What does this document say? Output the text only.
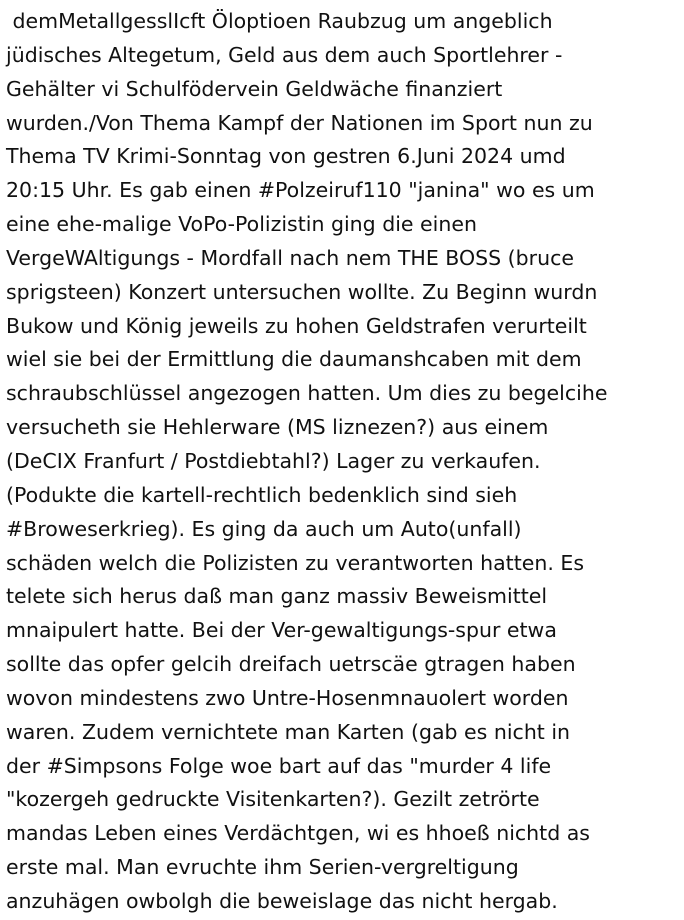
demMetallgesslIcft Öloptioen Raubzug um angeblich
jüdisches Altegetum, Geld aus dem auch Sportlehrer -
Gehälter vi Schulfödervein Geldwäche finanziert
wurden./Von Thema Kampf der Nationen im Sport nun zu
Thema TV Krimi-Sonntag von gestren 6.Juni 2024 umd
20:15 Uhr. Es gab einen #Polzeiruf110 "janina" wo es um
eine ehe-malige VoPo-Polizistin ging die einen
VergeWAltigungs - Mordfall nach nem THE BOSS (bruce
sprigsteen) Konzert untersuchen wollte. Zu Beginn wurdn
Bukow und König jeweils zu hohen Geldstrafen verurteilt
wiel sie bei der Ermittlung die daumanshcaben mit dem
schraubschlüssel angezogen hatten. Um dies zu begelcihe
versucheth sie Hehlerware (MS liznezen?) aus einem
(DeCIX Franfurt / Postdiebtahl?) Lager zu verkaufen.
(Podukte die kartell-rechtlich bedenklich sind sieh
#Broweserkrieg). Es ging da auch um Auto(unfall)
schäden welch die Polizisten zu verantworten hatten. Es
telete sich herus daß man ganz massiv Beweismittel
mnaipulert hatte. Bei der Ver-gewaltigungs-spur etwa
sollte das opfer gelcih dreifach uetrscäe gtragen haben
wovon mindestens zwo Untre-Hosenmnauolert worden
waren. Zudem vernichtete man Karten (gab es nicht in
der #Simpsons Folge woe bart auf das "murder 4 life
"kozergeh gedruckte Visitenkarten?). Gezilt zetrörte
mandas Leben eines Verdächtgen, wi es hhoeß nichtd as
erste mal. Man evruchte ihm Serien-vergreltigung
anzuhägen owbolgh die beweislage das nicht hergab.
